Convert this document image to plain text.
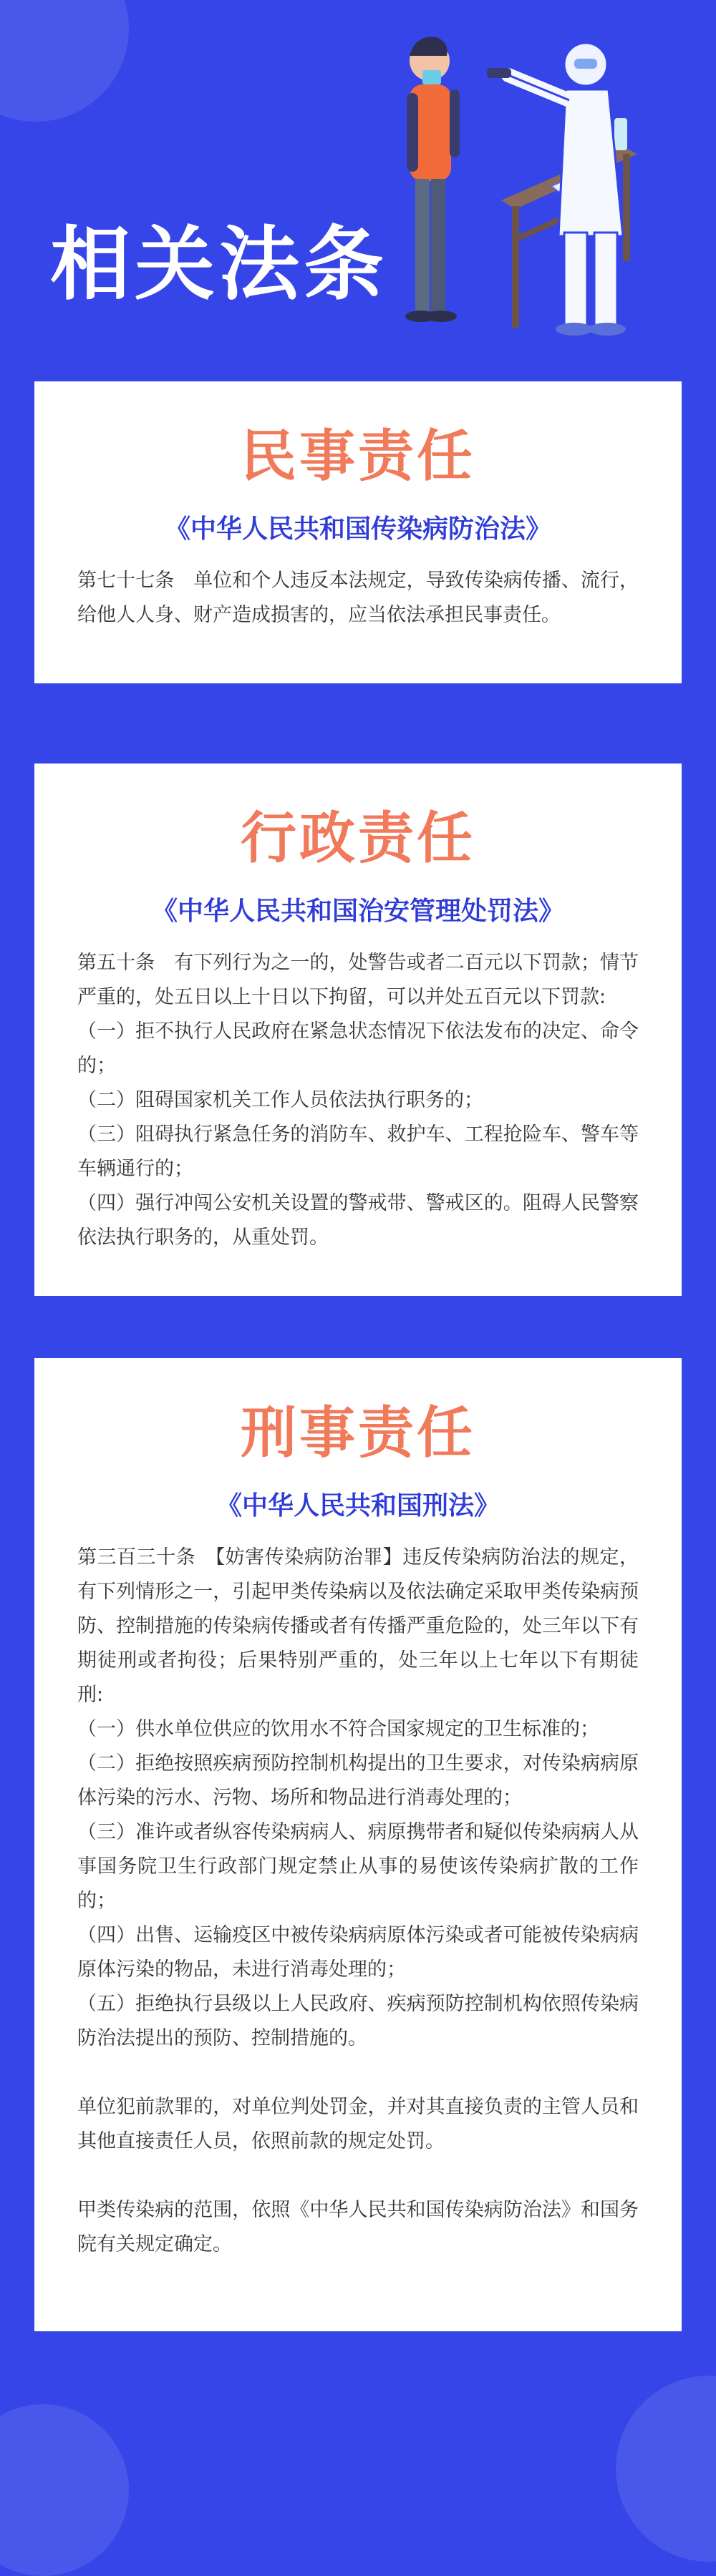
相关法条
民事责任
《中华人民共和国传染病防治法》

第七十七条　单位和个人违反本法规定，导致传染病传播、流行，给他人人身、财产造成损害的，应当依法承担民事责任。

行政责任
《中华人民共和国治安管理处罚法》

第五十条　有下列行为之一的，处警告或者二百元以下罚款；情节严重的，处五日以上十日以下拘留，可以并处五百元以下罚款:

（一）拒不执行人民政府在紧急状态情况下依法发布的决定、命令的；

（二）阻碍国家机关工作人员依法执行职务的；

（三）阻碍执行紧急任务的消防车、救护车、工程抢险车、警车等车辆通行的；

（四）强行冲闯公安机关设置的警戒带、警戒区的。阻碍人民警察依法执行职务的，从重处罚。

刑事责任
《中华人民共和国刑法》

第三百三十条　【妨害传染病防治罪】违反传染病防治法的规定，有下列情形之一，引起甲类传染病以及依法确定采取甲类传染病预防、控制措施的传染病传播或者有传播严重危险的，处三年以下有期徒刑或者拘役；后果特别严重的，处三年以上七年以下有期徒刑:

（一）供水单位供应的饮用水不符合国家规定的卫生标准的；

（二）拒绝按照疾病预防控制机构提出的卫生要求，对传染病病原体污染的污水、污物、场所和物品进行消毒处理的；

（三）准许或者纵容传染病病人、病原携带者和疑似传染病病人从事国务院卫生行政部门规定禁止从事的易使该传染病扩散的工作的；

（四）出售、运输疫区中被传染病病原体污染或者可能被传染病病原体污染的物品，未进行消毒处理的；

（五）拒绝执行县级以上人民政府、疾病预防控制机构依照传染病防治法提出的预防、控制措施的。

单位犯前款罪的，对单位判处罚金，并对其直接负责的主管人员和其他直接责任人员，依照前款的规定处罚。

甲类传染病的范围，依照《中华人民共和国传染病防治法》和国务院有关规定确定。
